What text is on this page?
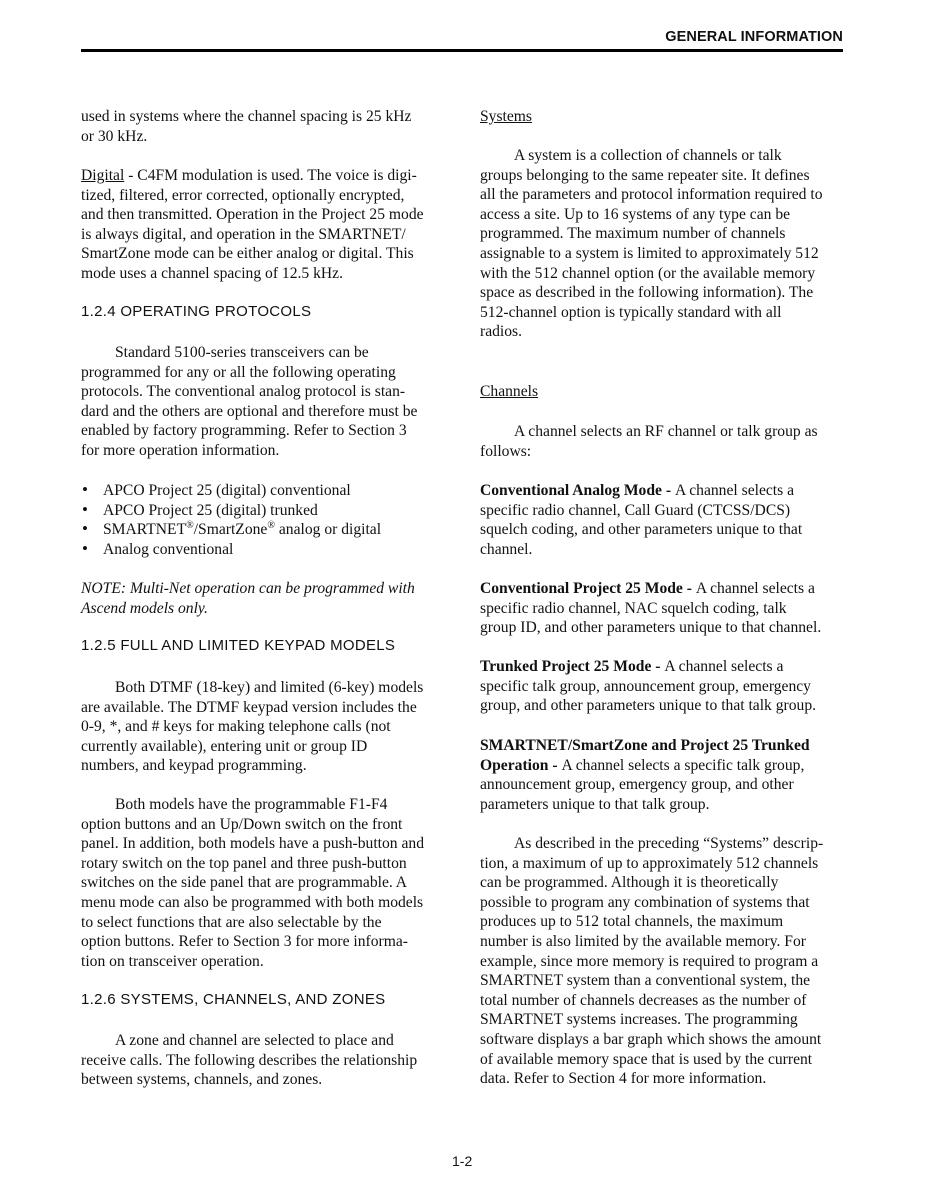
GENERAL INFORMATION
1.2.4 OPERATING PROTOCOLS
1.2.5 FULL AND LIMITED KEYPAD MODELS
1.2.6 SYSTEMS, CHANNELS, AND ZONES
used in systems where the channel spacing is 25 kHz
or 30 kHz.
Digital - C4FM modulation is used. The voice is digi-
tized, filtered, error corrected, optionally encrypted,
and then transmitted. Operation in the Project 25 mode
is always digital, and operation in the SMARTNET/
SmartZone mode can be either analog or digital. This
mode uses a channel spacing of 12.5 kHz.
Standard 5100-series transceivers can be
programmed for any or all the following operating
protocols. The conventional analog protocol is stan-
dard and the others are optional and therefore must be
enabled by factory programming. Refer to Section 3
for more operation information.
• APCO Project 25 (digital) conventional
• APCO Project 25 (digital) trunked
• SMARTNET®/SmartZone® analog or digital
• Analog conventional
NOTE: Multi-Net operation can be programmed with
Ascend models only.
Both DTMF (18-key) and limited (6-key) models
are available. The DTMF keypad version includes the
0-9, *, and # keys for making telephone calls (not
currently available), entering unit or group ID
numbers, and keypad programming.
Both models have the programmable F1-F4
option buttons and an Up/Down switch on the front
panel. In addition, both models have a push-button and
rotary switch on the top panel and three push-button
switches on the side panel that are programmable. A
menu mode can also be programmed with both models
to select functions that are also selectable by the
option buttons. Refer to Section 3 for more informa-
tion on transceiver operation.
A zone and channel are selected to place and
receive calls. The following describes the relationship
between systems, channels, and zones.
Systems
A system is a collection of channels or talk
groups belonging to the same repeater site. It defines
all the parameters and protocol information required to
access a site. Up to 16 systems of any type can be
programmed. The maximum number of channels
assignable to a system is limited to approximately 512
with the 512 channel option (or the available memory
space as described in the following information). The
512-channel option is typically standard with all
radios.
Channels
A channel selects an RF channel or talk group as
follows:
Conventional Analog Mode - A channel selects a
specific radio channel, Call Guard (CTCSS/DCS)
squelch coding, and other parameters unique to that
channel.
Conventional Project 25 Mode - A channel selects a
specific radio channel, NAC squelch coding, talk
group ID, and other parameters unique to that channel.
Trunked Project 25 Mode - A channel selects a
specific talk group, announcement group, emergency
group, and other parameters unique to that talk group.
SMARTNET/SmartZone and Project 25 Trunked
Operation - A channel selects a specific talk group,
announcement group, emergency group, and other
parameters unique to that talk group.
As described in the preceding “Systems” descrip-
tion, a maximum of up to approximately 512 channels
can be programmed. Although it is theoretically
possible to program any combination of systems that
produces up to 512 total channels, the maximum
number is also limited by the available memory. For
example, since more memory is required to program a
SMARTNET system than a conventional system, the
total number of channels decreases as the number of
SMARTNET systems increases. The programming
software displays a bar graph which shows the amount
of available memory space that is used by the current
data. Refer to Section 4 for more information.
1-2
